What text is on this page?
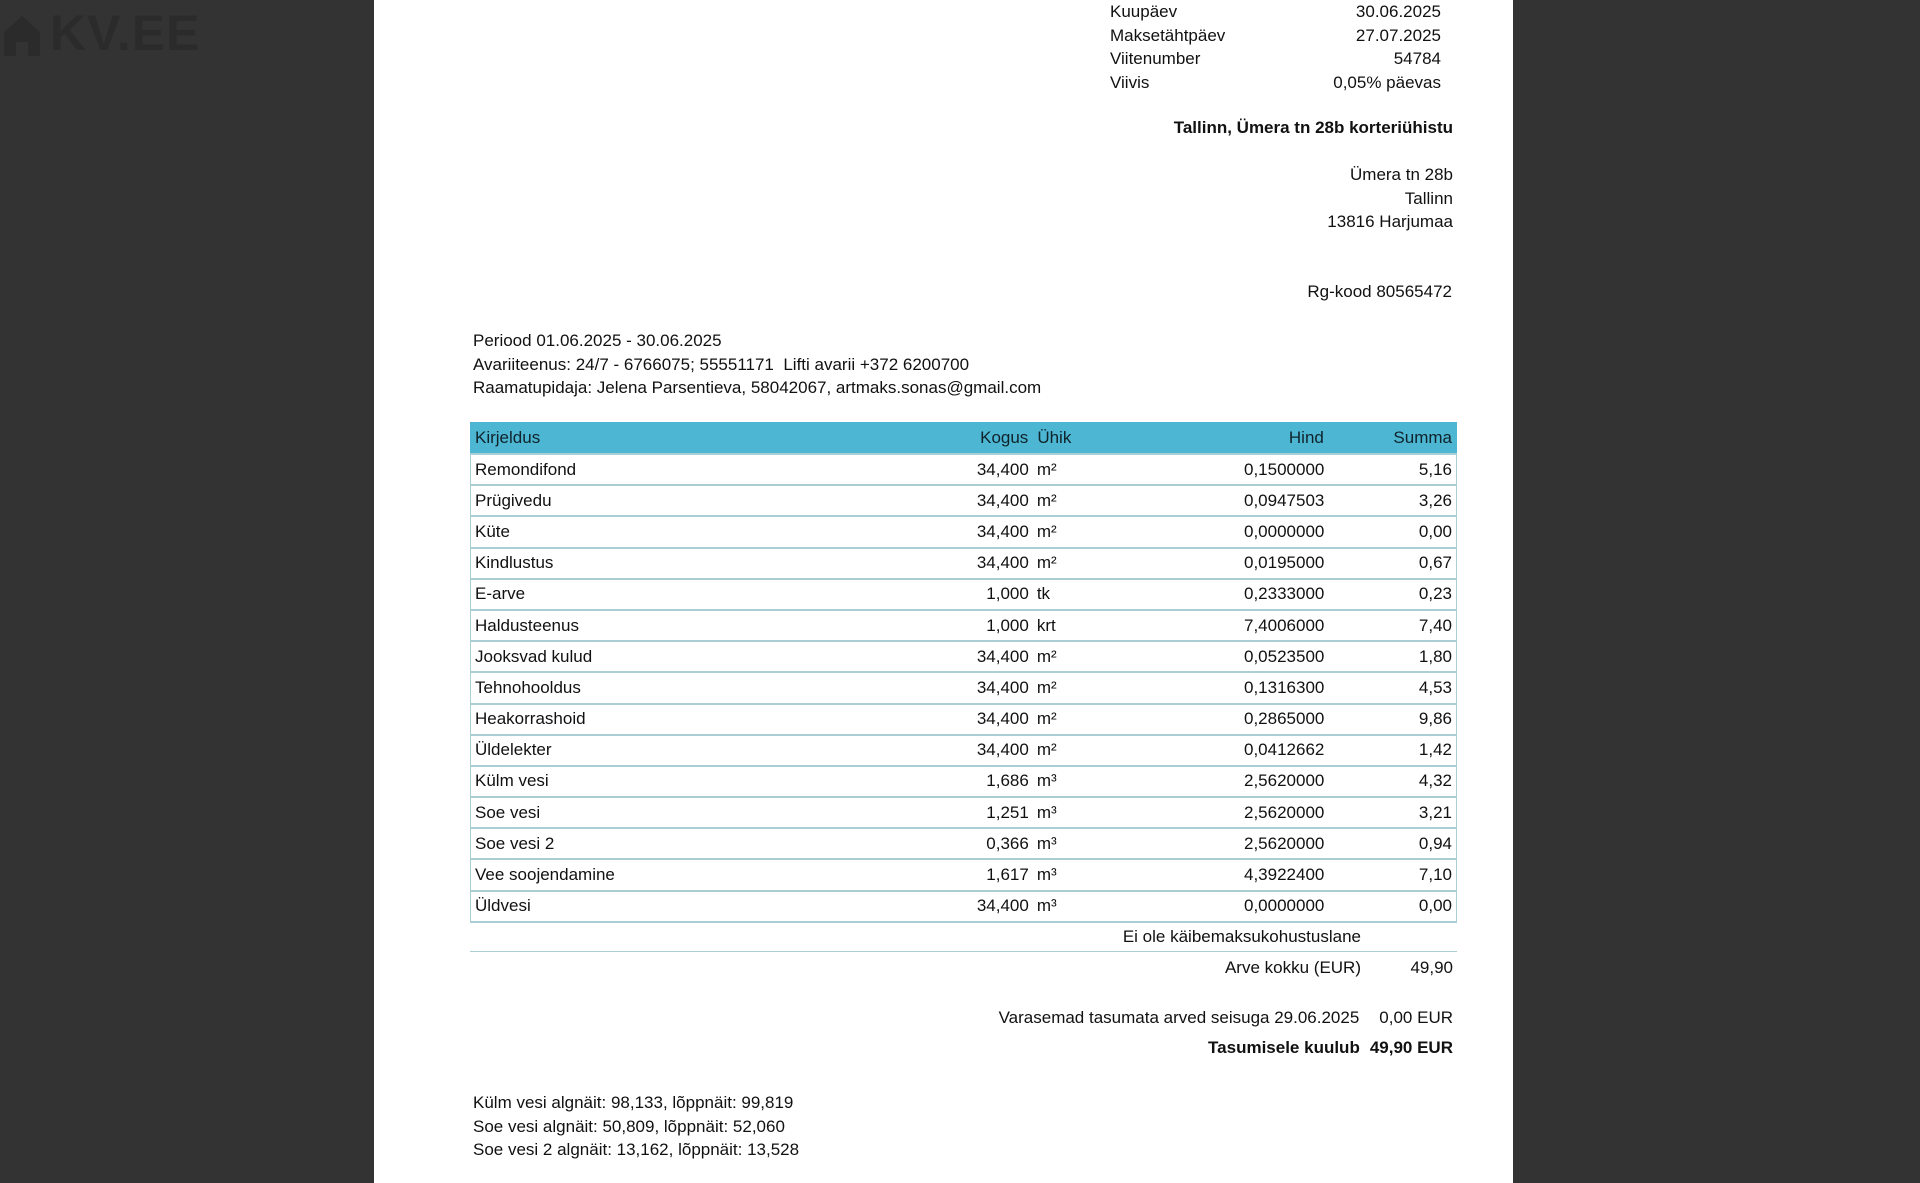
KV.EE	Kuupäev	30.06.2025
Maksetähtpäev	27.07.2025
Viitenumber	54784
Viivis	0,05% päevas
Tallinn, Ümera tn 28b korteriühistu
Ümera tn 28b
Tallinn
13816 Harjumaa
Rg-kood 80565472
Periood 01.06.2025 - 30.06.2025
Avariiteenus: 24/7 - 6766075; 55551171  Lifti avarii +372 6200700
Raamatupidaja: Jelena Parsentieva, 58042067, artmaks.sonas@gmail.com
Kirjeldus	Kogus	Ühik	Hind	Summa
Remondifond	34,400	m²	0,1500000	5,16
Prügivedu	34,400	m²	0,0947503	3,26
Küte	34,400	m²	0,0000000	0,00
Kindlustus	34,400	m²	0,0195000	0,67
E-arve	1,000	tk	0,2333000	0,23
Haldusteenus	1,000	krt	7,4006000	7,40
Jooksvad kulud	34,400	m²	0,0523500	1,80
Tehnohooldus	34,400	m²	0,1316300	4,53
Heakorrashoid	34,400	m²	0,2865000	9,86
Üldelekter	34,400	m²	0,0412662	1,42
Külm vesi	1,686	m³	2,5620000	4,32
Soe vesi	1,251	m³	2,5620000	3,21
Soe vesi 2	0,366	m³	2,5620000	0,94
Vee soojendamine	1,617	m³	4,3922400	7,10
Üldvesi	34,400	m³	0,0000000	0,00
Ei ole käibemaksukohustuslane
Arve kokku (EUR)	49,90
Varasemad tasumata arved seisuga 29.06.2025 0,00 EUR
Tasumisele kuulub 49,90 EUR
Külm vesi algnäit: 98,133, lõppnäit: 99,819
Soe vesi algnäit: 50,809, lõppnäit: 52,060
Soe vesi 2 algnäit: 13,162, lõppnäit: 13,528
